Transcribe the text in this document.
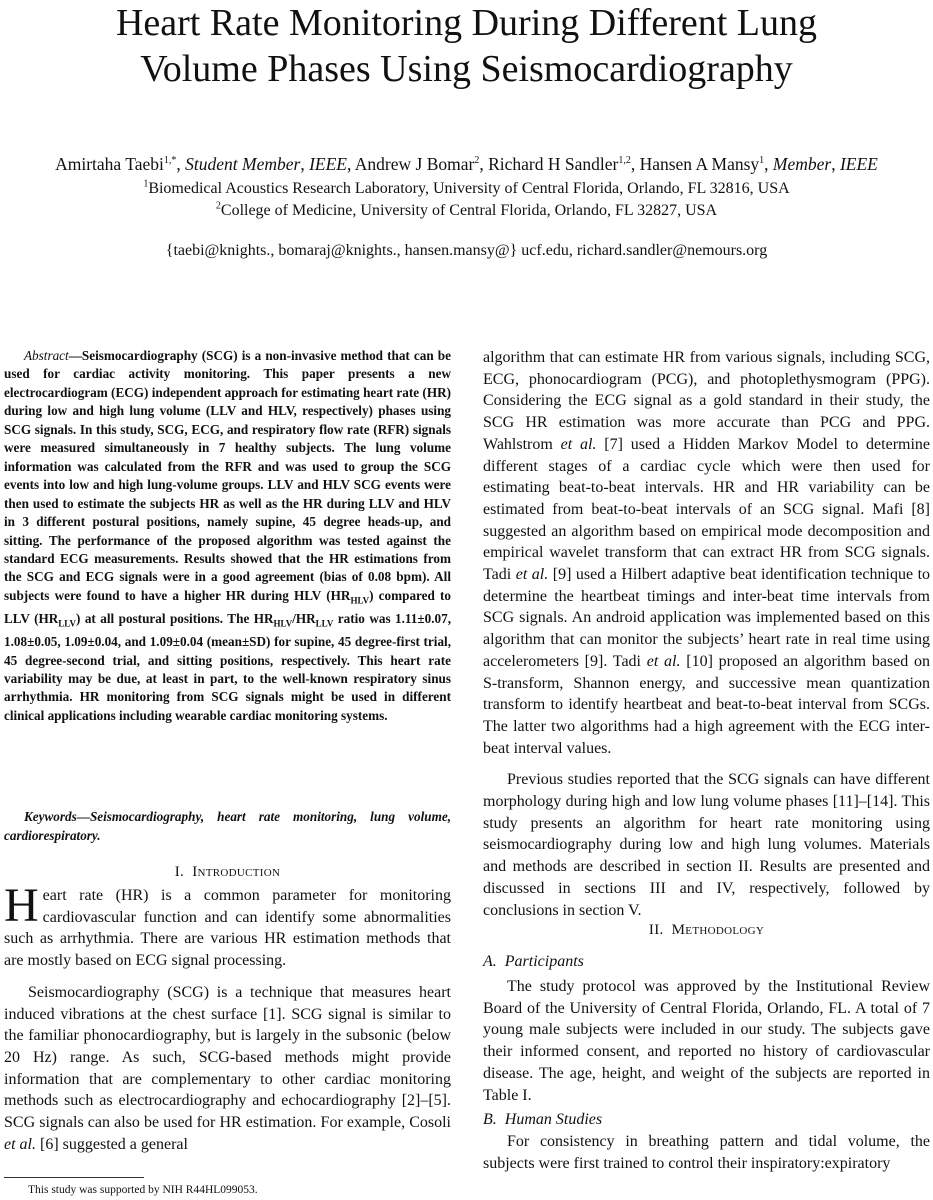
Heart Rate Monitoring During Different Lung
Volume Phases Using Seismocardiography
Amirtaha Taebi$^{1,*}$, Student Member, IEEE, Andrew J Bomar$^2$, Richard H Sandler$^{1,2}$, Hansen A Mansy$^1$, Member, IEEE
$^1$Biomedical Acoustics Research Laboratory, University of Central Florida, Orlando, FL 32816, USA
$^2$College of Medicine, University of Central Florida, Orlando, FL 32827, USA
{taebi@knights., bomaraj@knights., hansen.mansy@} ucf.edu, richard.sandler@nemours.org

Abstract—Seismocardiography (SCG) is a non-invasive method that can be used for cardiac activity monitoring. This paper presents a new electrocardiogram (ECG) independent approach for estimating heart rate (HR) during low and high lung volume (LLV and HLV, respectively) phases using SCG signals. In this study, SCG, ECG, and respiratory flow rate (RFR) signals were measured simultaneously in 7 healthy subjects. The lung volume information was calculated from the RFR and was used to group the SCG events into low and high lung-volume groups. LLV and HLV SCG events were then used to estimate the subjects HR as well as the HR during LLV and HLV in 3 different postural positions, namely supine, 45 degree heads-up, and sitting. The performance of the proposed algorithm was tested against the standard ECG measurements. Results showed that the HR estimations from the SCG and ECG signals were in a good agreement (bias of 0.08 bpm). All subjects were found to have a higher HR during HLV $(HR_{HLV})$ compared to LLV $(HR_{LLV})$ at all postural positions. The $HR_{HLV}/HR_{LLV}$ ratio was 1.11±0.07, 1.08±0.05, 1.09±0.04, and 1.09±0.04 (mean±SD) for supine, 45 degree-first trial, 45 degree-second trial, and sitting positions, respectively. This heart rate variability may be due, at least in part, to the well-known respiratory sinus arrhythmia. HR monitoring from SCG signals might be used in different clinical applications including wearable cardiac monitoring systems.

Keywords—Seismocardiography, heart rate monitoring, lung volume, cardiorespiratory.

I. Introduction

Heart rate (HR) is a common parameter for monitoring cardiovascular function and can identify some abnormalities such as arrhythmia. There are various HR estimation methods that are mostly based on ECG signal processing.

Seismocardiography (SCG) is a technique that measures heart induced vibrations at the chest surface [1]. SCG signal is similar to the familiar phonocardiography, but is largely in the subsonic (below 20 Hz) range. As such, SCG-based methods might provide information that are complementary to other cardiac monitoring methods such as electrocardiography and echocardiography [2]–[5]. SCG signals can also be used for HR estimation. For example, Cosoli et al. [6] suggested a general

algorithm that can estimate HR from various signals, including SCG, ECG, phonocardiogram (PCG), and photoplethysmogram (PPG). Considering the ECG signal as a gold standard in their study, the SCG HR estimation was more accurate than PCG and PPG. Wahlstrom et al. [7] used a Hidden Markov Model to determine different stages of a cardiac cycle which were then used for estimating beat-to-beat intervals. HR and HR variability can be estimated from beat-to-beat intervals of an SCG signal. Mafi [8] suggested an algorithm based on empirical mode decomposition and empirical wavelet transform that can extract HR from SCG signals. Tadi et al. [9] used a Hilbert adaptive beat identification technique to determine the heartbeat timings and inter-beat time intervals from SCG signals. An android application was implemented based on this algorithm that can monitor the subjects’ heart rate in real time using accelerometers [9]. Tadi et al. [10] proposed an algorithm based on S-transform, Shannon energy, and successive mean quantization transform to identify heartbeat and beat-to-beat interval from SCGs. The latter two algorithms had a high agreement with the ECG inter-beat interval values.

Previous studies reported that the SCG signals can have different morphology during high and low lung volume phases [11]–[14]. This study presents an algorithm for heart rate monitoring using seismocardiography during low and high lung volumes. Materials and methods are described in section II. Results are presented and discussed in sections III and IV, respectively, followed by conclusions in section V.

II. Methodology
A. Participants

The study protocol was approved by the Institutional Review Board of the University of Central Florida, Orlando, FL. A total of 7 young male subjects were included in our study. The subjects gave their informed consent, and reported no history of cardiovascular disease. The age, height, and weight of the subjects are reported in Table I.

B. Human Studies

For consistency in breathing pattern and tidal volume, the subjects were first trained to control their inspiratory:expiratory

This study was supported by NIH R44HL099053.
